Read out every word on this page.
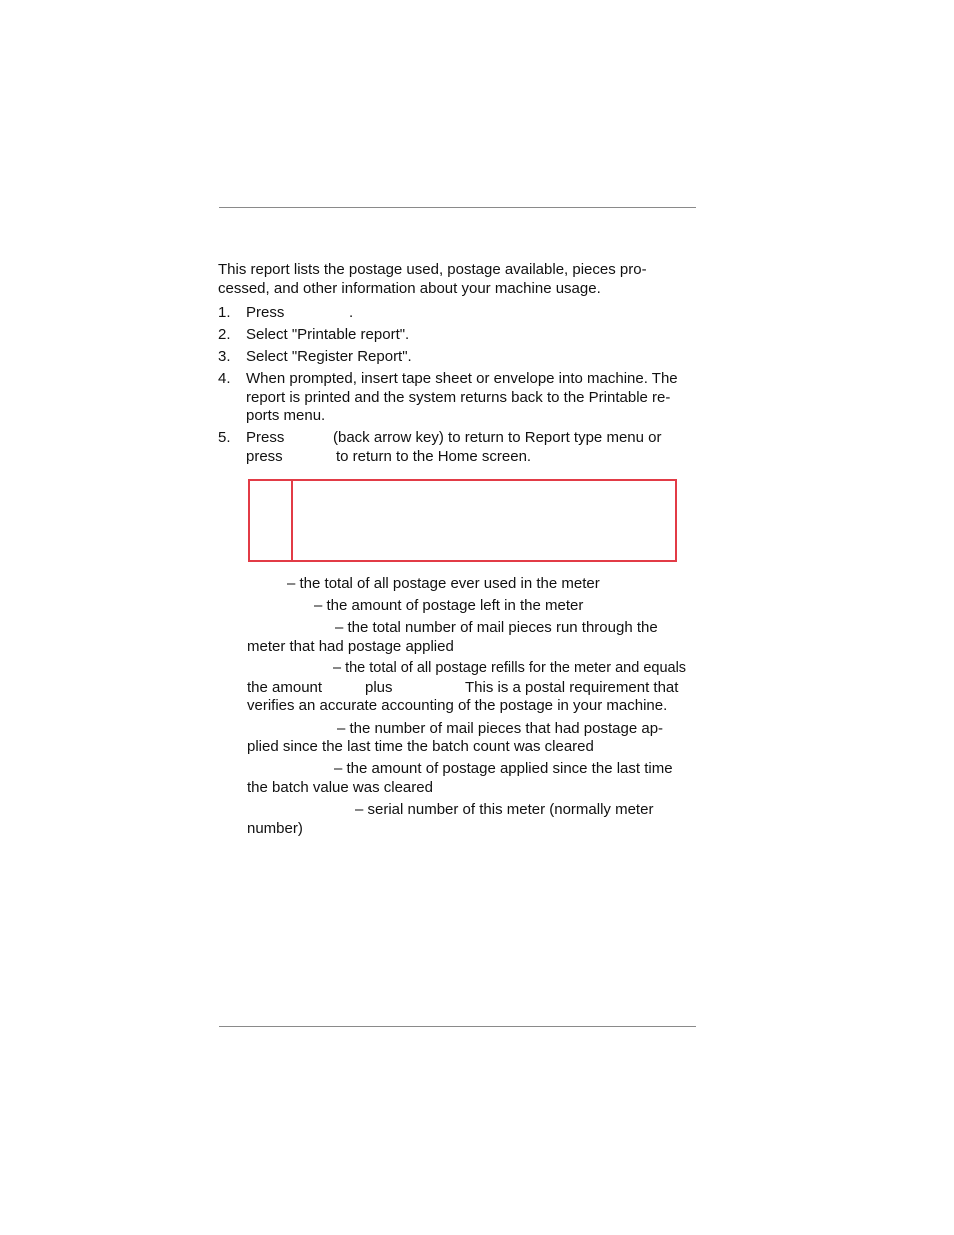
This report lists the postage used, postage available, pieces pro-
cessed, and other information about your machine usage.
1. Press	.
2. Select "Printable report".
3. Select "Register Report".
4. When prompted, insert tape sheet or envelope into machine. The
report is printed and the system returns back to the Printable re-
ports menu.
5. Press	(back arrow key) to return to Report type menu or
press	to return to the Home screen.
– the total of all postage ever used in the meter
– the amount of postage left in the meter
– the total number of mail pieces run through the
meter that had postage applied
– the total of all postage refills for the meter and equals
the amount	plus	This is a postal requirement that
verifies an accurate accounting of the postage in your machine.
– the number of mail pieces that had postage ap-
plied since the last time the batch count was cleared
– the amount of postage applied since the last time
the batch value was cleared
– serial number of this meter (normally meter
number)
